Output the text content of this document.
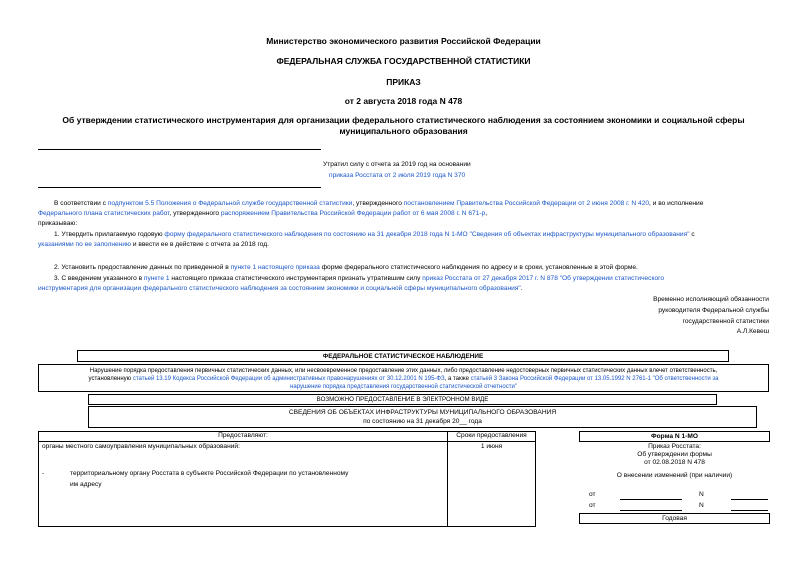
Министерство экономического развития Российской Федерации
ФЕДЕРАЛЬНАЯ СЛУЖБА ГОСУДАРСТВЕННОЙ СТАТИСТИКИ
ПРИКАЗ
от 2 августа 2018 года N 478
Об утверждении статистического инструментария для организации федерального статистического наблюдения за состоянием экономики и социальной сферы
муниципального образования
Утратил силу с отчета за 2019 год на основании
приказа Росстата от 2 июля 2019 года N 370
В соответствии с подпунктом 5.5 Положения о Федеральной службе государственной статистики, утвержденного постановлением Правительства Российской Федерации от 2 июня 2008 г. N 420, и во исполнение
Федерального плана статистических работ, утвержденного распоряжением Правительства Российской Федерации работ от 6 мая 2008 г. N 671-р,
приказываю:
1. Утвердить прилагаемую годовую форму федерального статистического наблюдения по состоянию на 31 декабря 2018 года N 1-МО "Сведения об объектах инфраструктуры муниципального образования" с
указаниями по ее заполнению и ввести ее в действие с отчета за 2018 год.
2. Установить предоставление данных по приведенной в пункте 1 настоящего приказа форме федерального статистического наблюдения по адресу и в сроки, установленные в этой форме.
3. С введением указанного в пункте 1 настоящего приказа статистического инструментария признать утратившим силу приказ Росстата от 27 декабря 2017 г. N 878 "Об утверждении статистического
инструментария для организации федерального статистического наблюдения за состоянием экономики и социальной сферы муниципального образования".
Временно исполняющий обязанности
руководителя Федеральной службы
государственной статистики
А.Л.Кевеш
ФЕДЕРАЛЬНОЕ СТАТИСТИЧЕСКОЕ НАБЛЮДЕНИЕ
Нарушение порядка предоставления первичных статистических данных, или несвоевременное предоставление этих данных, либо предоставление недостоверных первичных статистических данных влечет ответственность,
установленную статьей 13.19 Кодекса Российской Федерации об административных правонарушениях от 30.12.2001 N 195-ФЗ, а также статьей 3 Закона Российской Федерации от 13.05.1992 N 2761-1 "Об ответственности за
нарушение порядка представления государственной статистической отчетности"
ВОЗМОЖНО ПРЕДОСТАВЛЕНИЕ В ЭЛЕКТРОННОМ ВИДЕ
СВЕДЕНИЯ ОБ ОБЪЕКТАХ ИНФРАСТРУКТУРЫ МУНИЦИПАЛЬНОГО ОБРАЗОВАНИЯ
по состоянию на 31 декабря 20__ года
Предоставляют:	Сроки предоставления
органы местного самоуправления муниципальных образований:	1 июня
-	территориальному органу Росстата в субъекте Российской Федерации по установленному
им адресу
Форма N 1-МО
Приказ Росстата:
Об утверждении формы
от 02.08.2018 N 478
О внесении изменений (при наличии)
от	N
от	N
Годовая
